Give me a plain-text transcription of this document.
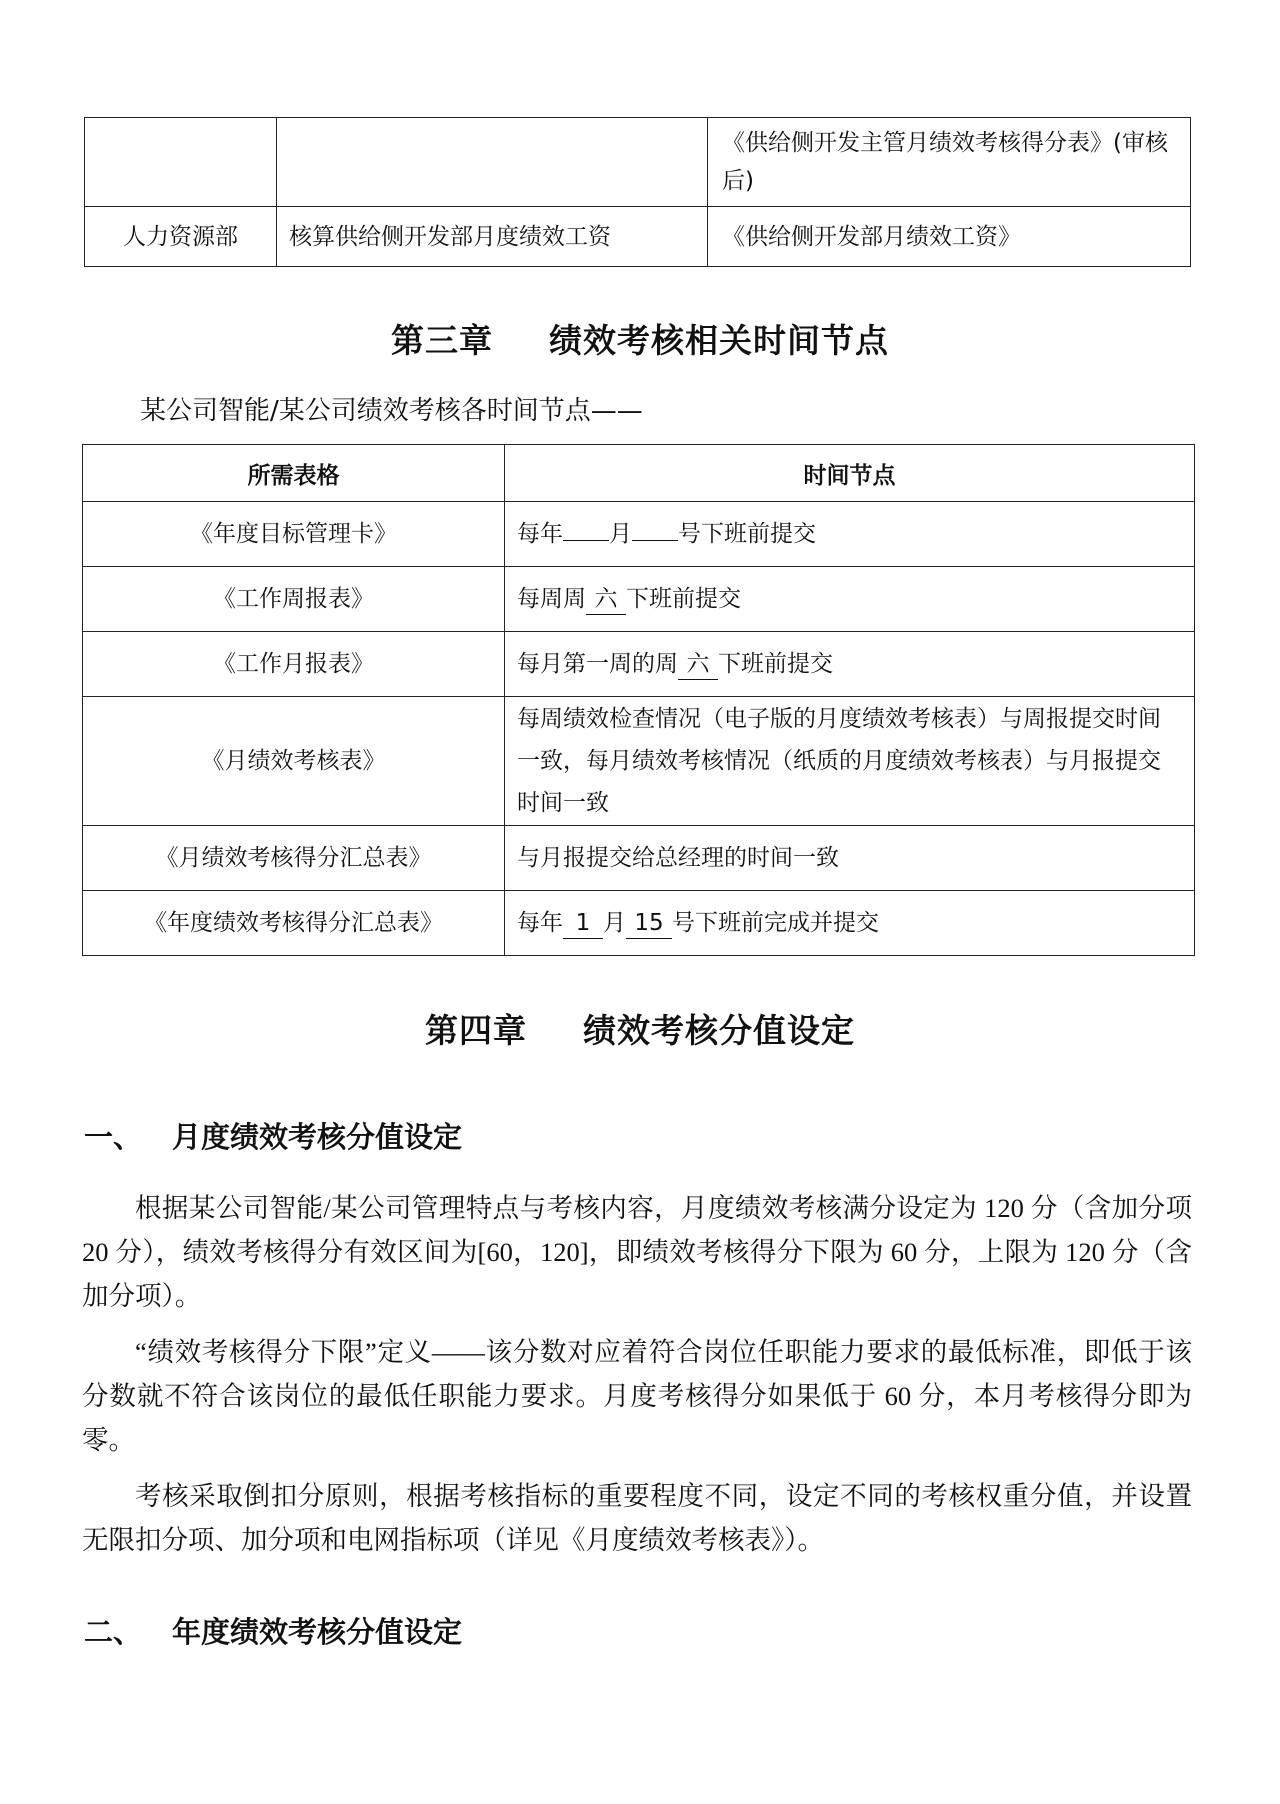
		《供给侧开发主管月绩效考核得分表》(审核后)
人力资源部	核算供给侧开发部月度绩效工资	《供给侧开发部月绩效工资》
第三章 绩效考核相关时间节点

某公司智能/某公司绩效考核各时间节点——

所需表格	时间节点
《年度目标管理卡》	每年 月 号下班前提交
《工作周报表》	每周周 六 下班前提交
《工作月报表》	每月第一周的周 六 下班前提交
《月绩效考核表》	每周绩效检查情况（电子版的月度绩效考核表）与周报提交时间一致，每月绩效考核情况（纸质的月度绩效考核表）与月报提交时间一致
《月绩效考核得分汇总表》	与月报提交给总经理的时间一致
《年度绩效考核得分汇总表》	每年 1 月 15 号下班前完成并提交
第四章 绩效考核分值设定
一、 月度绩效考核分值设定

根据某公司智能/某公司管理特点与考核内容，月度绩效考核满分设定为 120 分（含加分项 20 分），绩效考核得分有效区间为[60，120]，即绩效考核得分下限为 60 分，上限为 120 分（含加分项）。

“绩效考核得分下限”定义——该分数对应着符合岗位任职能力要求的最低标准，即低于该分数就不符合该岗位的最低任职能力要求。月度考核得分如果低于 60 分，本月考核得分即为零。

考核采取倒扣分原则，根据考核指标的重要程度不同，设定不同的考核权重分值，并设置无限扣分项、加分项和电网指标项（详见《月度绩效考核表》）。

二、 年度绩效考核分值设定
